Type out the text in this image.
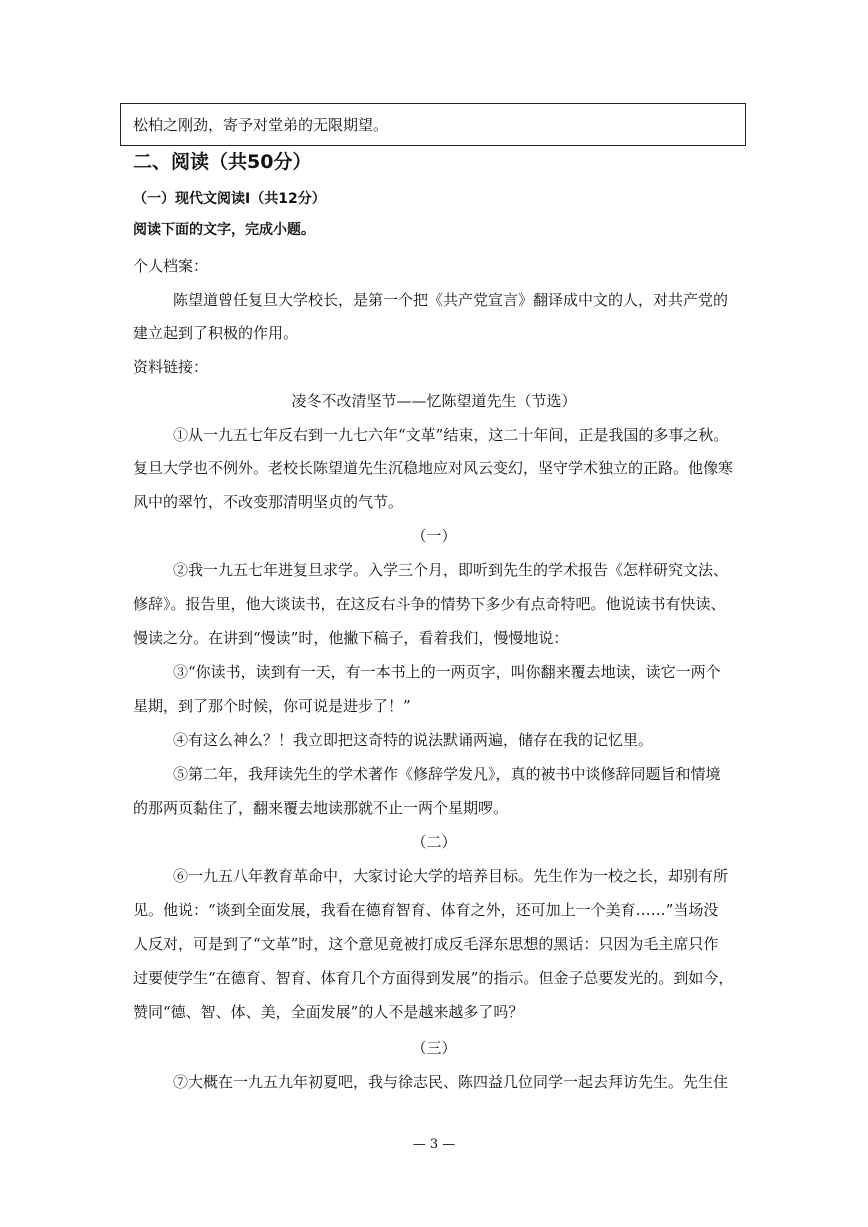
松柏之刚劲，寄予对堂弟的无限期望。
二、阅读（共50分）
（一）现代文阅读Ⅰ（共12分）
阅读下面的文字，完成小题。
个人档案：
陈望道曾任复旦大学校长，是第一个把《共产党宣言》翻译成中文的人，对共产党的
建立起到了积极的作用。
资料链接：
凌冬不改清坚节——忆陈望道先生（节选）
①从一九五七年反右到一九七六年“文革”结束，这二十年间，正是我国的多事之秋。
复旦大学也不例外。老校长陈望道先生沉稳地应对风云变幻，坚守学术独立的正路。他像寒
风中的翠竹，不改变那清明坚贞的气节。
（一）
②我一九五七年进复旦求学。入学三个月，即听到先生的学术报告《怎样研究文法、
修辞》。报告里，他大谈读书，在这反右斗争的情势下多少有点奇特吧。他说读书有快读、
慢读之分。在讲到“慢读”时，他撇下稿子，看着我们，慢慢地说：
③“你读书，读到有一天，有一本书上的一两页字，叫你翻来覆去地读，读它一两个
星期，到了那个时候，你可说是进步了！”
④有这么神么？！我立即把这奇特的说法默诵两遍，储存在我的记忆里。
⑤第二年，我拜读先生的学术著作《修辞学发凡》，真的被书中谈修辞同题旨和情境
的那两页黏住了，翻来覆去地读那就不止一两个星期啰。
（二）
⑥一九五八年教育革命中，大家讨论大学的培养目标。先生作为一校之长，却别有所
见。他说：“谈到全面发展，我看在德育智育、体育之外，还可加上一个美育……”当场没
人反对，可是到了“文革”时，这个意见竟被打成反毛泽东思想的黑话：只因为毛主席只作
过要使学生“在德育、智育、体育几个方面得到发展”的指示。但金子总要发光的。到如今，
赞同“德、智、体、美，全面发展”的人不是越来越多了吗？
（三）
⑦大概在一九五九年初夏吧，我与徐志民、陈四益几位同学一起去拜访先生。先生住
— 3 —
